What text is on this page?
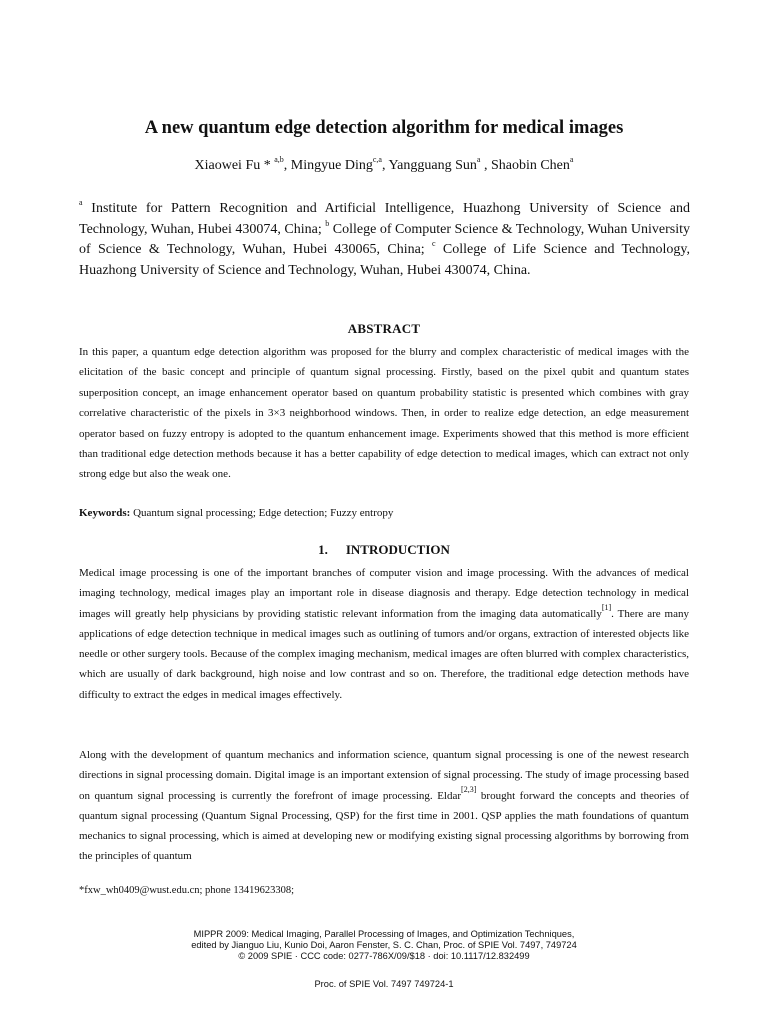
A new quantum edge detection algorithm for medical images
Xiaowei Fu * $^{a,b}$, Mingyue Ding$^{c,a}$, Yangguang Sun$^a$ , Shaobin Chen$^a$
$^a$ Institute for Pattern Recognition and Artificial Intelligence, Huazhong University of Science and Technology, Wuhan, Hubei 430074, China; $^b$ College of Computer Science & Technology, Wuhan University of Science & Technology, Wuhan, Hubei 430065, China; $^c$ College of Life Science and Technology, Huazhong University of Science and Technology, Wuhan, Hubei 430074, China.
ABSTRACT
In this paper, a quantum edge detection algorithm was proposed for the blurry and complex characteristic of medical images with the elicitation of the basic concept and principle of quantum signal processing. Firstly, based on the pixel qubit and quantum states superposition concept, an image enhancement operator based on quantum probability statistic is presented which combines with gray correlative characteristic of the pixels in 3×3 neighborhood windows. Then, in order to realize edge detection, an edge measurement operator based on fuzzy entropy is adopted to the quantum enhancement image. Experiments showed that this method is more efficient than traditional edge detection methods because it has a better capability of edge detection to medical images, which can extract not only strong edge but also the weak one.
Keywords: Quantum signal processing; Edge detection; Fuzzy entropy
1. INTRODUCTION
Medical image processing is one of the important branches of computer vision and image processing. With the advances of medical imaging technology, medical images play an important role in disease diagnosis and therapy. Edge detection technology in medical images will greatly help physicians by providing statistic relevant information from the imaging data automatically[1]. There are many applications of edge detection technique in medical images such as outlining of tumors and/or organs, extraction of interested objects like needle or other surgery tools. Because of the complex imaging mechanism, medical images are often blurred with complex characteristics, which are usually of dark background, high noise and low contrast and so on. Therefore, the traditional edge detection methods have difficulty to extract the edges in medical images effectively.
Along with the development of quantum mechanics and information science, quantum signal processing is one of the newest research directions in signal processing domain. Digital image is an important extension of signal processing. The study of image processing based on quantum signal processing is currently the forefront of image processing. Eldar[2,3] brought forward the concepts and theories of quantum signal processing (Quantum Signal Processing, QSP) for the first time in 2001. QSP applies the math foundations of quantum mechanics to signal processing, which is aimed at developing new or modifying existing signal processing algorithms by borrowing from the principles of quantum
*fxw_wh0409@wust.edu.cn; phone 13419623308;
MIPPR 2009: Medical Imaging, Parallel Processing of Images, and Optimization Techniques,
edited by Jianguo Liu, Kunio Doi, Aaron Fenster, S. C. Chan, Proc. of SPIE Vol. 7497, 749724
© 2009 SPIE · CCC code: 0277-786X/09/$18 · doi: 10.1117/12.832499
Proc. of SPIE Vol. 7497 749724-1
